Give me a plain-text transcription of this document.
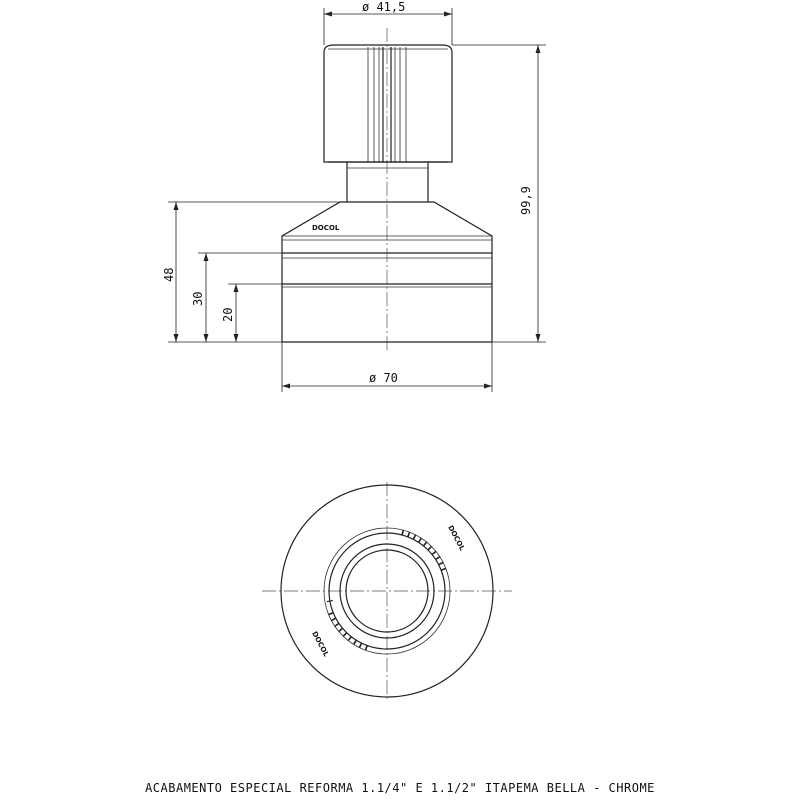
DOCOL
ø 41,5
99,9
48
30
20
ø 70
DOCOL
DOCOL
ACABAMENTO ESPECIAL REFORMA 1.1/4" E 1.1/2" ITAPEMA BELLA - CHROME
